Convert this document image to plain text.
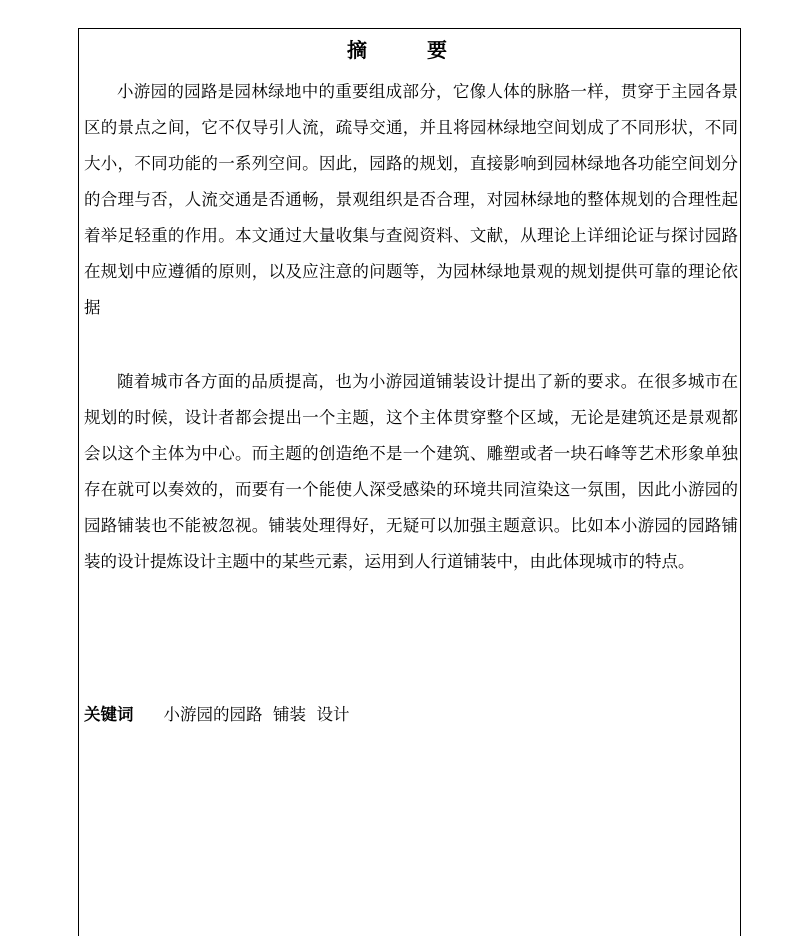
摘　要

小游园的园路是园林绿地中的重要组成部分，它像人体的脉胳一样，贯穿于主园各景区的景点之间，它不仅导引人流，疏导交通，并且将园林绿地空间划成了不同形状，不同大小，不同功能的一系列空间。因此，园路的规划，直接影响到园林绿地各功能空间划分的合理与否，人流交通是否通畅，景观组织是否合理，对园林绿地的整体规划的合理性起着举足轻重的作用。本文通过大量收集与查阅资料、文献，从理论上详细论证与探讨园路在规划中应遵循的原则，以及应注意的问题等，为园林绿地景观的规划提供可靠的理论依据

随着城市各方面的品质提高，也为小游园道铺装设计提出了新的要求。在很多城市在规划的时候，设计者都会提出一个主题，这个主体贯穿整个区域，无论是建筑还是景观都会以这个主体为中心。而主题的创造绝不是一个建筑、雕塑或者一块石峰等艺术形象单独存在就可以奏效的，而要有一个能使人深受感染的环境共同渲染这一氛围，因此小游园的园路铺装也不能被忽视。铺装处理得好，无疑可以加强主题意识。比如本小游园的园路铺装的设计提炼设计主题中的某些元素，运用到人行道铺装中，由此体现城市的特点。

关键词 小游园的园路  铺装  设计
